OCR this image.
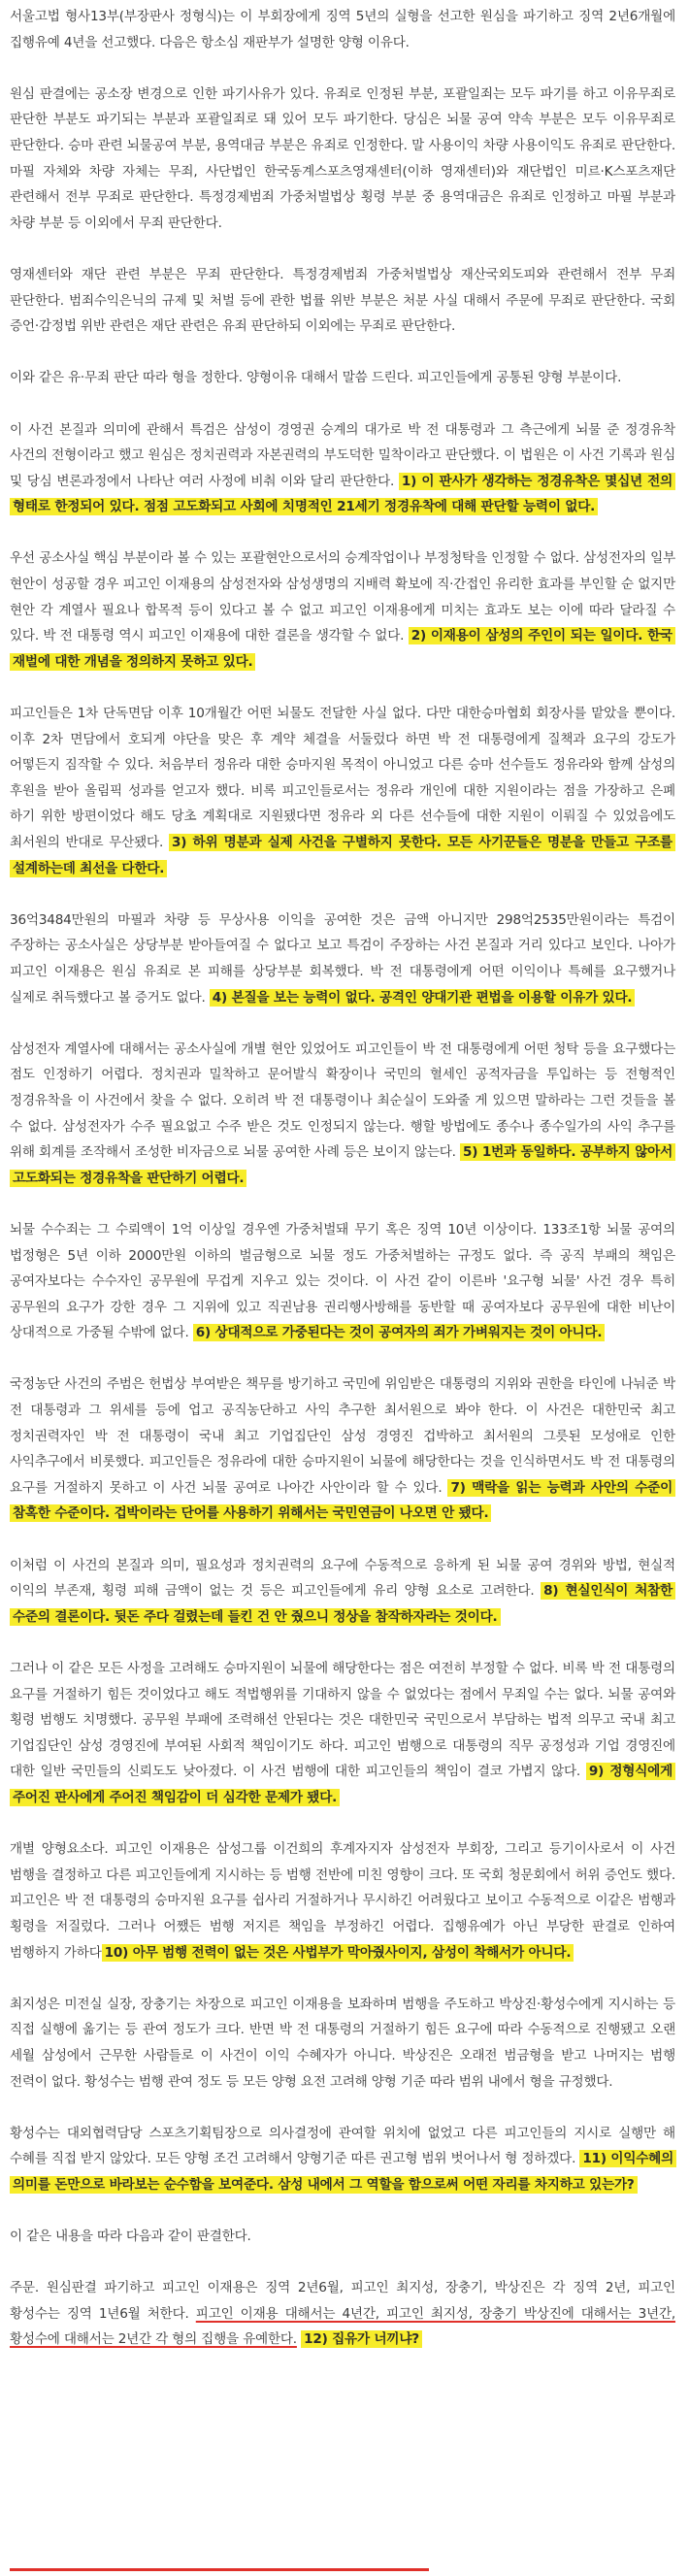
서울고법 형사13부(부장판사 정형식)는 이 부회장에게 징역 5년의 실형을 선고한 원심을 파기하고 징역 2년6개월에 집행유예 4년을 선고했다. 다음은 항소심 재판부가 설명한 양형 이유다.

원심 판결에는 공소장 변경으로 인한 파기사유가 있다. 유죄로 인정된 부분, 포괄일죄는 모두 파기를 하고 이유무죄로 판단한 부분도 파기되는 부분과 포괄일죄로 돼 있어 모두 파기한다. 당심은 뇌물 공여 약속 부분은 모두 이유무죄로 판단한다. 승마 관련 뇌물공여 부분, 용역대금 부분은 유죄로 인정한다. 말 사용이익 차량 사용이익도 유죄로 판단한다. 마필 자체와 차량 자체는 무죄, 사단법인 한국동계스포츠영재센터(이하 영재센터)와 재단법인 미르·K스포츠재단 관련해서 전부 무죄로 판단한다. 특정경제범죄 가중처벌법상 횡령 부분 중 용역대금은 유죄로 인정하고 마필 부분과 차량 부분 등 이외에서 무죄 판단한다.

영재센터와 재단 관련 부분은 무죄 판단한다. 특정경제범죄 가중처벌법상 재산국외도피와 관련해서 전부 무죄 판단한다. 범죄수익은닉의 규제 및 처벌 등에 관한 법률 위반 부분은 처분 사실 대해서 주문에 무죄로 판단한다. 국회 증언·감정법 위반 관련은 재단 관련은 유죄 판단하되 이외에는 무죄로 판단한다.

이와 같은 유·무죄 판단 따라 형을 정한다. 양형이유 대해서 말씀 드린다. 피고인들에게 공통된 양형 부분이다.

이 사건 본질과 의미에 관해서 특검은 삼성이 경영권 승계의 대가로 박 전 대통령과 그 측근에게 뇌물 준 정경유착 사건의 전형이라고 했고 원심은 정치권력과 자본권력의 부도덕한 밀착이라고 판단했다. 이 법원은 이 사건 기록과 원심 및 당심 변론과정에서 나타난 여러 사정에 비춰 이와 달리 판단한다. 1) 이 판사가 생각하는 정경유착은 몇십년 전의 형태로 한정되어 있다. 점점 고도화되고 사회에 치명적인 21세기 정경유착에 대해 판단할 능력이 없다.

우선 공소사실 핵심 부분이라 볼 수 있는 포괄현안으로서의 승계작업이나 부정청탁을 인정할 수 없다. 삼성전자의 일부 현안이 성공할 경우 피고인 이재용의 삼성전자와 삼성생명의 지배력 확보에 직·간접인 유리한 효과를 부인할 순 없지만 현안 각 계열사 필요나 합목적 등이 있다고 볼 수 없고 피고인 이재용에게 미치는 효과도 보는 이에 따라 달라질 수 있다. 박 전 대통령 역시 피고인 이재용에 대한 결론을 생각할 수 없다. 2) 이재용이 삼성의 주인이 되는 일이다. 한국 재벌에 대한 개념을 정의하지 못하고 있다.

피고인들은 1차 단독면담 이후 10개월간 어떤 뇌물도 전달한 사실 없다. 다만 대한승마협회 회장사를 맡았을 뿐이다. 이후 2차 면담에서 호되게 야단을 맞은 후 계약 체결을 서둘렀다 하면 박 전 대통령에게 질책과 요구의 강도가 어떻든지 짐작할 수 있다. 처음부터 정유라 대한 승마지원 목적이 아니었고 다른 승마 선수들도 정유라와 함께 삼성의 후원을 받아 올림픽 성과를 얻고자 했다. 비록 피고인들로서는 정유라 개인에 대한 지원이라는 점을 가장하고 은폐 하기 위한 방편이었다 해도 당초 계획대로 지원됐다면 정유라 외 다른 선수들에 대한 지원이 이뤄질 수 있었음에도 최서원의 반대로 무산됐다. 3) 하위 명분과 실제 사건을 구별하지 못한다. 모든 사기꾼들은 명분을 만들고 구조를 설계하는데 최선을 다한다.

36억3484만원의 마필과 차량 등 무상사용 이익을 공여한 것은 금액 아니지만 298억2535만원이라는 특검이 주장하는 공소사실은 상당부분 받아들여질 수 없다고 보고 특검이 주장하는 사건 본질과 거리 있다고 보인다. 나아가 피고인 이재용은 원심 유죄로 본 피해를 상당부분 회복했다. 박 전 대통령에게 어떤 이익이나 특혜를 요구했거나 실제로 취득했다고 볼 증거도 없다. 4) 본질을 보는 능력이 없다. 공격인 양대기관 편법을 이용할 이유가 있다.

삼성전자 계열사에 대해서는 공소사실에 개별 현안 있었어도 피고인들이 박 전 대통령에게 어떤 청탁 등을 요구했다는 점도 인정하기 어렵다. 정치권과 밀착하고 문어발식 확장이나 국민의 혈세인 공적자금을 투입하는 등 전형적인 정경유착을 이 사건에서 찾을 수 없다. 오히려 박 전 대통령이나 최순실이 도와줄 게 있으면 말하라는 그런 것들을 볼 수 없다. 삼성전자가 수주 필요없고 수주 받은 것도 인정되지 않는다. 행할 방법에도 종수나 종수일가의 사익 추구를 위해 회계를 조작해서 조성한 비자금으로 뇌물 공여한 사례 등은 보이지 않는다. 5) 1번과 동일하다. 공부하지 않아서 고도화되는 정경유착을 판단하기 어렵다.

뇌물 수수죄는 그 수뢰액이 1억 이상일 경우엔 가중처벌돼 무기 혹은 징역 10년 이상이다. 133조1항 뇌물 공여의 법정형은 5년 이하 2000만원 이하의 벌금형으로 뇌물 정도 가중처벌하는 규정도 없다. 즉 공직 부패의 책임은 공여자보다는 수수자인 공무원에 무겁게 지우고 있는 것이다. 이 사건 같이 이른바 '요구형 뇌물' 사건 경우 특히 공무원의 요구가 강한 경우 그 지위에 있고 직권남용 권리행사방해를 동반할 때 공여자보다 공무원에 대한 비난이 상대적으로 가중될 수밖에 없다. 6) 상대적으로 가중된다는 것이 공여자의 죄가 가벼워지는 것이 아니다.

국정농단 사건의 주범은 헌법상 부여받은 책무를 방기하고 국민에 위임받은 대통령의 지위와 권한을 타인에 나눠준 박 전 대통령과 그 위세를 등에 업고 공직농단하고 사익 추구한 최서원으로 봐야 한다. 이 사건은 대한민국 최고 정치권력자인 박 전 대통령이 국내 최고 기업집단인 삼성 경영진 겁박하고 최서원의 그릇된 모성애로 인한 사익추구에서 비롯했다. 피고인들은 정유라에 대한 승마지원이 뇌물에 해당한다는 것을 인식하면서도 박 전 대통령의 요구를 거절하지 못하고 이 사건 뇌물 공여로 나아간 사안이라 할 수 있다. 7) 맥락을 읽는 능력과 사안의 수준이 참혹한 수준이다. 겁박이라는 단어를 사용하기 위해서는 국민연금이 나오면 안 됐다.

이처럼 이 사건의 본질과 의미, 필요성과 정치권력의 요구에 수동적으로 응하게 된 뇌물 공여 경위와 방법, 현실적 이익의 부존재, 횡령 피해 금액이 없는 것 등은 피고인들에게 유리 양형 요소로 고려한다. 8) 현실인식이 처참한 수준의 결론이다. 뒷돈 주다 걸렸는데 들킨 건 안 줬으니 정상을 참작하자라는 것이다.

그러나 이 같은 모든 사정을 고려해도 승마지원이 뇌물에 해당한다는 점은 여전히 부정할 수 없다. 비록 박 전 대통령의 요구를 거절하기 힘든 것이었다고 해도 적법행위를 기대하지 않을 수 없었다는 점에서 무죄일 수는 없다. 뇌물 공여와 횡령 범행도 치명했다. 공무원 부패에 조력해선 안된다는 것은 대한민국 국민으로서 부담하는 법적 의무고 국내 최고 기업집단인 삼성 경영진에 부여된 사회적 책임이기도 하다. 피고인 범행으로 대통령의 직무 공정성과 기업 경영진에 대한 일반 국민들의 신뢰도도 낮아졌다. 이 사건 범행에 대한 피고인들의 책임이 결코 가볍지 않다. 9) 정형식에게 주어진 판사에게 주어진 책임감이 더 심각한 문제가 됐다.

개별 양형요소다. 피고인 이재용은 삼성그룹 이건희의 후계자지자 삼성전자 부회장, 그리고 등기이사로서 이 사건 범행을 결정하고 다른 피고인들에게 지시하는 등 범행 전반에 미친 영향이 크다. 또 국회 청문회에서 허위 증언도 했다. 피고인은 박 전 대통령의 승마지원 요구를 쉽사리 거절하거나 무시하긴 어려웠다고 보이고 수동적으로 이같은 범행과 횡령을 저질렀다. 그러나 어쨌든 범행 저지른 책임을 부정하긴 어렵다. 집행유예가 아닌 부당한 판결로 인하여 범행하지 가하다 10) 아무 범행 전력이 없는 것은 사법부가 막아줬사이지, 삼성이 착해서가 아니다.

최지성은 미전실 실장, 장충기는 차장으로 피고인 이재용을 보좌하며 범행을 주도하고 박상진·황성수에게 지시하는 등 직접 실행에 옮기는 등 관여 정도가 크다. 반면 박 전 대통령의 거절하기 힘든 요구에 따라 수동적으로 진행됐고 오랜 세월 삼성에서 근무한 사람들로 이 사건이 이익 수혜자가 아니다. 박상진은 오래전 범금형을 받고 나머지는 범행 전력이 없다. 황성수는 범행 관여 정도 등 모든 양형 요전 고려해 양형 기준 따라 범위 내에서 형을 규정했다.

황성수는 대외협력담당 스포츠기획팀장으로 의사결정에 관여할 위치에 없었고 다른 피고인들의 지시로 실행만 해 수혜를 직접 받지 않았다. 모든 양형 조건 고려해서 양형기준 따른 권고형 범위 벗어나서 형 정하겠다. 11) 이익수혜의 의미를 돈만으로 바라보는 순수함을 보여준다. 삼성 내에서 그 역할을 함으로써 어떤 자리를 차지하고 있는가?

이 같은 내용을 따라 다음과 같이 판결한다.

주문. 원심판결 파기하고 피고인 이재용은 징역 2년6월, 피고인 최지성, 장충기, 박상진은 각 징역 2년, 피고인 황성수는 징역 1년6월 처한다. 피고인 이재용 대해서는 4년간, 피고인 최지성, 장충기 박상진에 대해서는 3년간, 황성수에 대해서는 2년간 각 형의 집행을 유예한다. 12) 집유가 너끼냐?
